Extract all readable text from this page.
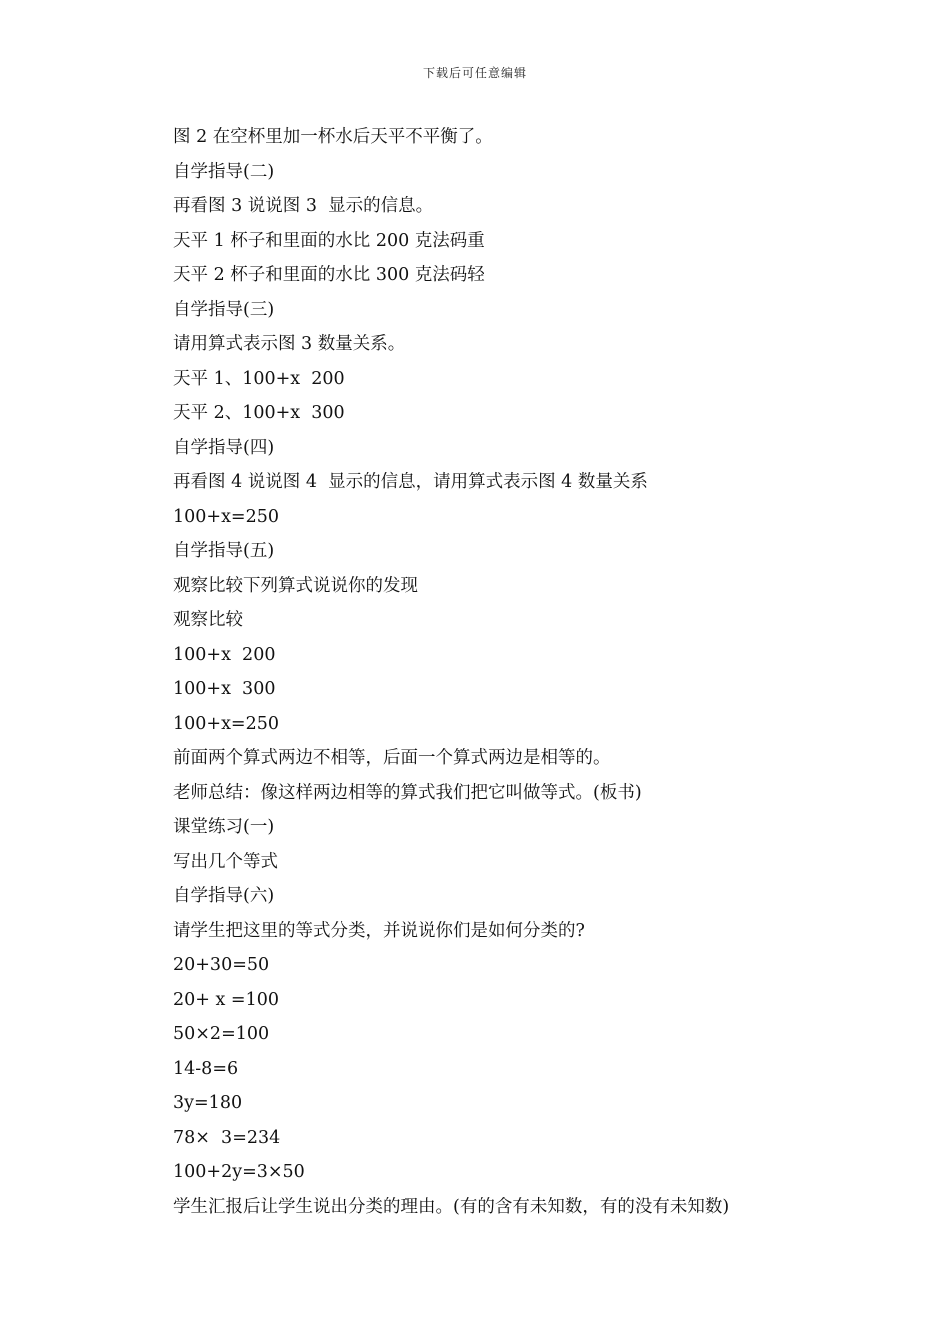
下载后可任意编辑
图 2 在空杯里加一杯水后天平不平衡了。
自学指导(二)
再看图 3 说说图 3  显示的信息。
天平 1 杯子和里面的水比 200 克法码重
天平 2 杯子和里面的水比 300 克法码轻
自学指导(三)
请用算式表示图 3 数量关系。
天平 1、100+x  200
天平 2、100+x  300
自学指导(四)
再看图 4 说说图 4  显示的信息，请用算式表示图 4 数量关系
100+x=250
自学指导(五)
观察比较下列算式说说你的发现
观察比较
100+x  200
100+x  300
100+x=250
前面两个算式两边不相等，后面一个算式两边是相等的。
老师总结：像这样两边相等的算式我们把它叫做等式。(板书)
课堂练习(一)
写出几个等式
自学指导(六)
请学生把这里的等式分类，并说说你们是如何分类的?
20+30=50
20+ x =100
50×2=100
14-8=6
3y=180
78×  3=234
100+2y=3×50
学生汇报后让学生说出分类的理由。(有的含有未知数，有的没有未知数)
